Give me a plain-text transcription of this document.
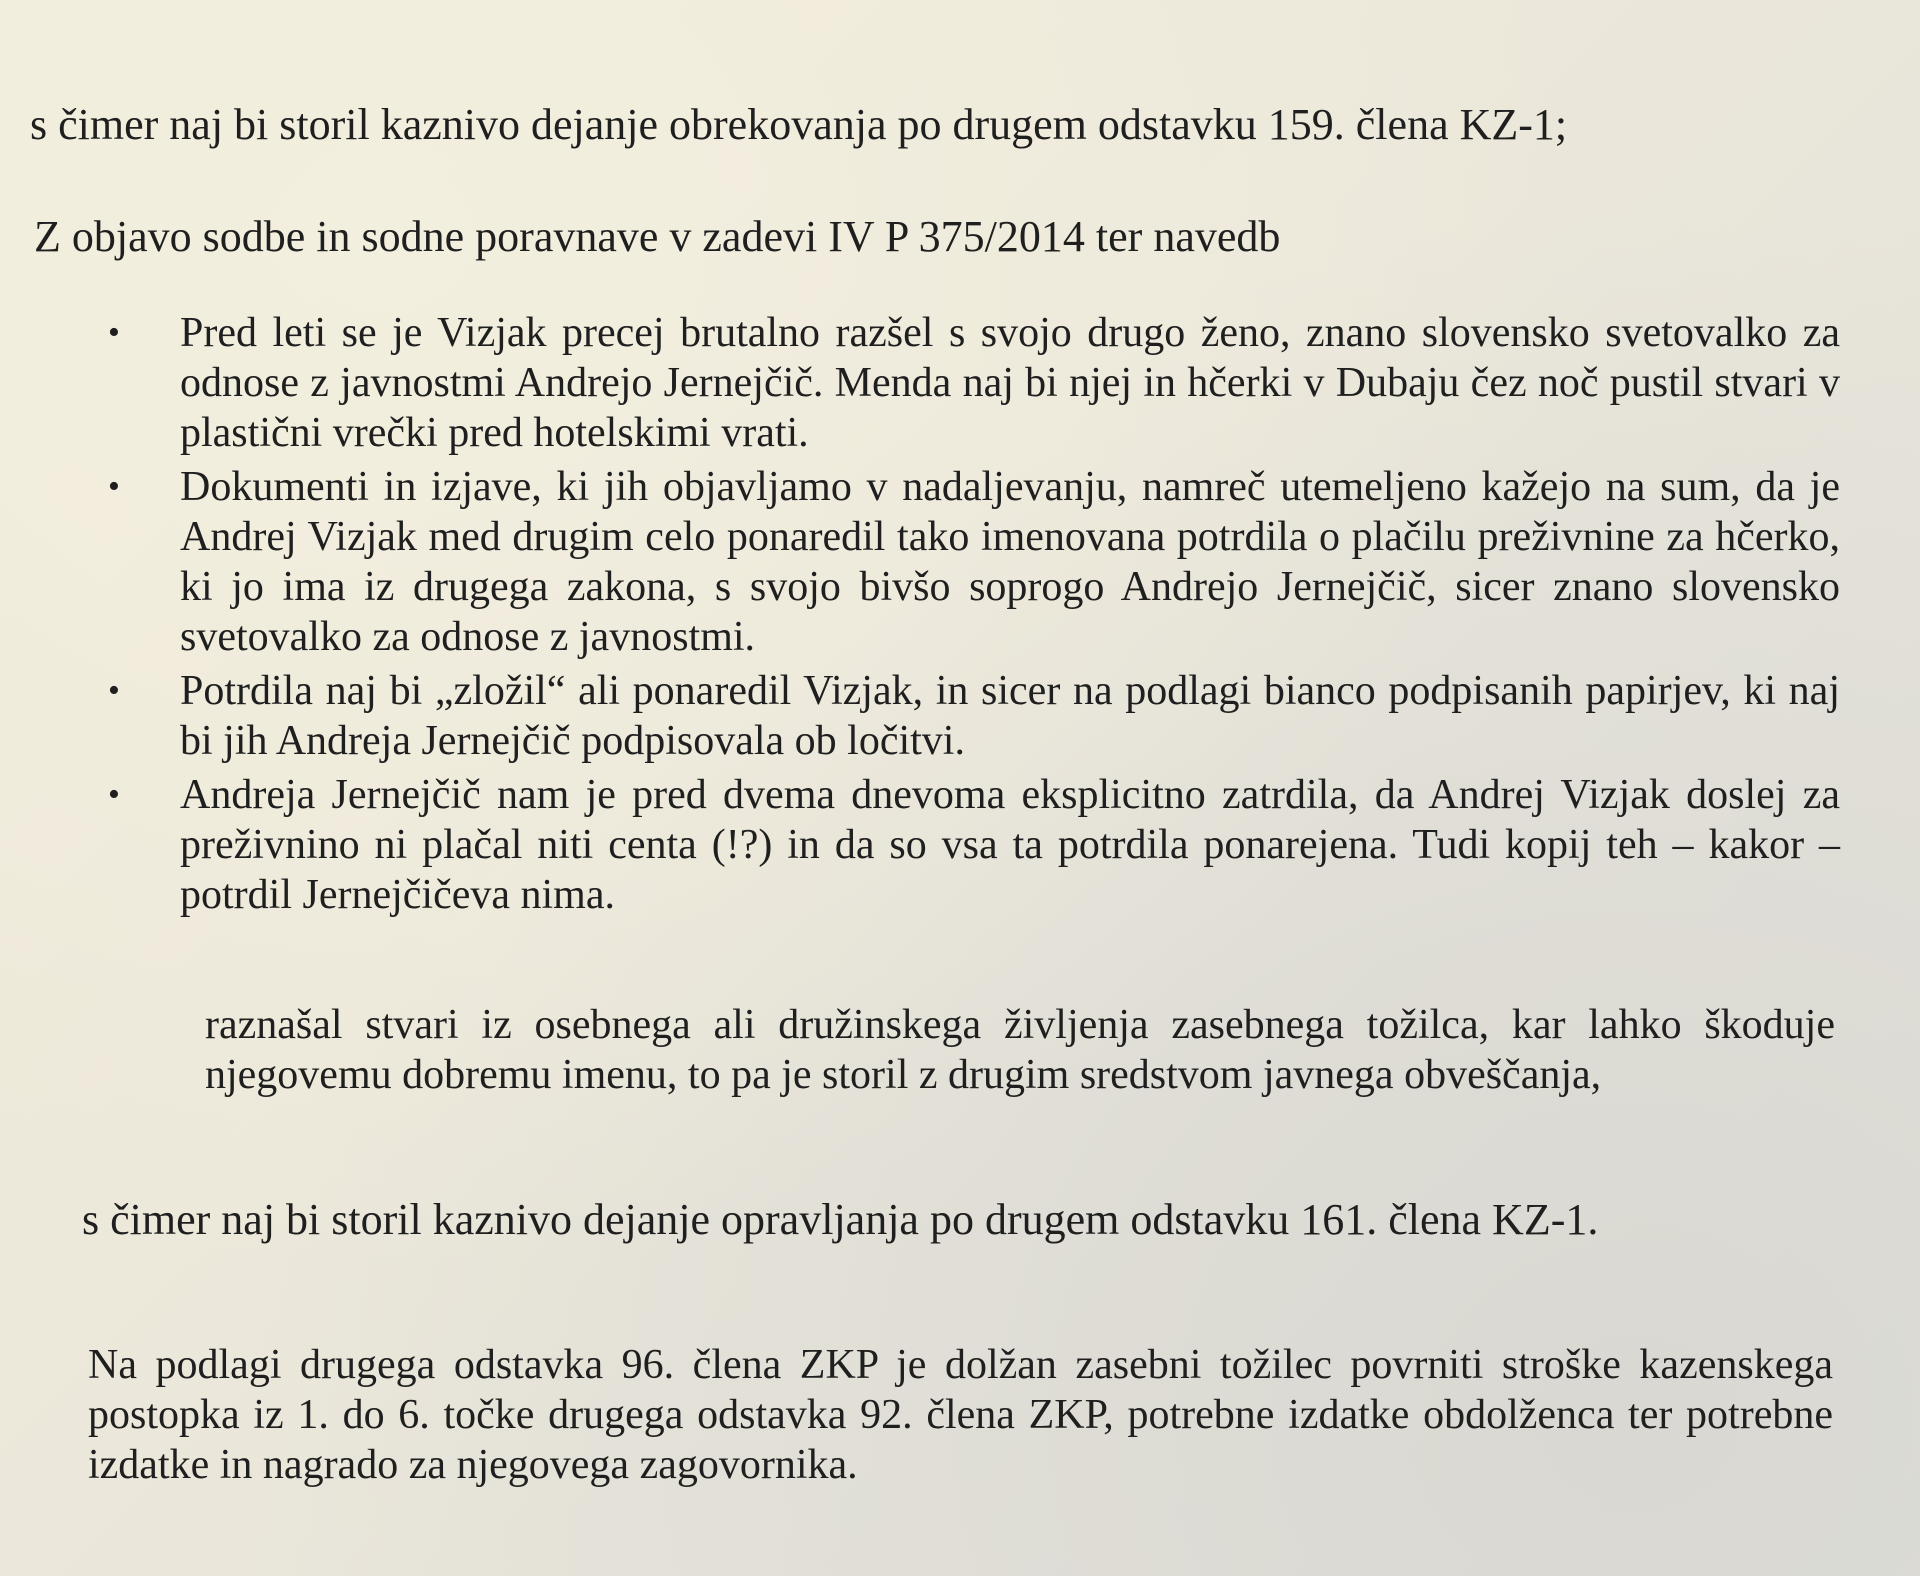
s čimer naj bi storil kaznivo dejanje obrekovanja po drugem odstavku 159. člena KZ-1;
Z objavo sodbe in sodne poravnave v zadevi IV P 375/2014 ter navedb
• Pred leti se je Vizjak precej brutalno razšel s svojo drugo ženo, znano slovensko svetovalko za odnose z javnostmi Andrejo Jernejčič. Menda naj bi njej in hčerki v Dubaju čez noč pustil stvari v plastični vrečki pred hotelskimi vrati.
• Dokumenti in izjave, ki jih objavljamo v nadaljevanju, namreč utemeljeno kažejo na sum, da je Andrej Vizjak med drugim celo ponaredil tako imenovana potrdila o plačilu preživnine za hčerko, ki jo ima iz drugega zakona, s svojo bivšo soprogo Andrejo Jernejčič, sicer znano slovensko svetovalko za odnose z javnostmi.
• Potrdila naj bi „zložil“ ali ponaredil Vizjak, in sicer na podlagi bianco podpisanih papirjev, ki naj bi jih Andreja Jernejčič podpisovala ob ločitvi.
• Andreja Jernejčič nam je pred dvema dnevoma eksplicitno zatrdila, da Andrej Vizjak doslej za preživnino ni plačal niti centa (!?) in da so vsa ta potrdila ponarejena. Tudi kopij teh – kakor – potrdil Jernejčičeva nima.
raznašal stvari iz osebnega ali družinskega življenja zasebnega tožilca, kar lahko škoduje njegovemu dobremu imenu, to pa je storil z drugim sredstvom javnega obveščanja,
s čimer naj bi storil kaznivo dejanje opravljanja po drugem odstavku 161. člena KZ-1.
Na podlagi drugega odstavka 96. člena ZKP je dolžan zasebni tožilec povrniti stroške kazenskega postopka iz 1. do 6. točke drugega odstavka 92. člena ZKP, potrebne izdatke obdolženca ter potrebne izdatke in nagrado za njegovega zagovornika.
